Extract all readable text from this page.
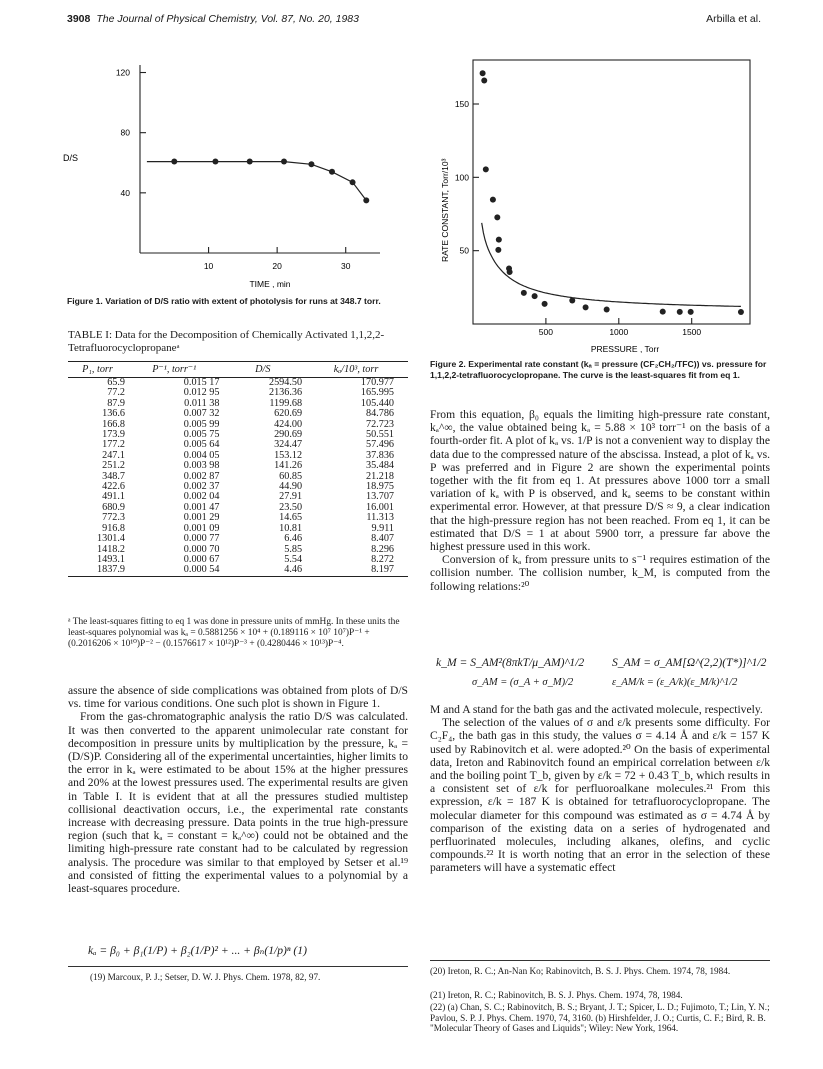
3908 The Journal of Physical Chemistry, Vol. 87, No. 20, 1983	Arbilla et al.
40
80
120
10	20	30
D/S
TIME , min
Figure 1. Variation of D/S ratio with extent of photolysis for runs at 348.7 torr.
50
100
150
500	1000	1500
RATE CONSTANT, Torr/10³
PRESSURE , Torr
Figure 2. Experimental rate constant (kₐ = pressure (CF₂CH₂/TFC)) vs. pressure for 1,1,2,2-tetrafluorocyclopropane. The curve is the least-squares fit from eq 1.
TABLE I: Data for the Decomposition of Chemically Activated 1,1,2,2-Tetrafluorocyclopropaneᵃ
P₁, torr	P⁻¹, torr⁻¹	D/S	kₐ/10³, torr
65.9	0.015 17	2594.50	170.977
77.2	0.012 95	2136.36	165.995
87.9	0.011 38	1199.68	105.440
136.6	0.007 32	620.69	84.786
166.8	0.005 99	424.00	72.723
173.9	0.005 75	290.69	50.551
177.2	0.005 64	324.47	57.496
247.1	0.004 05	153.12	37.836
251.2	0.003 98	141.26	35.484
348.7	0.002 87	60.85	21.218
422.6	0.002 37	44.90	18.975
491.1	0.002 04	27.91	13.707
680.9	0.001 47	23.50	16.001
772.3	0.001 29	14.65	11.313
916.8	0.001 09	10.81	9.911
1301.4	0.000 77	6.46	8.407
1418.2	0.000 70	5.85	8.296
1493.1	0.000 67	5.54	8.272
1837.9	0.000 54	4.46	8.197
ᵃ The least-squares fitting to eq 1 was done in pressure units of mmHg. In these units the least-squares polynomial was kₐ = 0.5881256 × 10⁴ + (0.189116 × 10⁷ 10⁷)P⁻¹ + (0.2016206 × 10¹⁰)P⁻² − (0.1576617 × 10¹²)P⁻³ + (0.4280446 × 10¹³)P⁻⁴.

assure the absence of side complications was obtained from plots of D/S vs. time for various conditions. One such plot is shown in Figure 1.

From the gas-chromatographic analysis the ratio D/S was calculated. It was then converted to the apparent unimolecular rate constant for decomposition in pressure units by multiplication by the pressure, kₐ = (D/S)P. Considering all of the experimental uncertainties, higher limits to the error in kₐ were estimated to be about 15% at the higher pressures and 20% at the lowest pressures used. The experimental results are given in Table I. It is evident that at all the pressures studied multistep collisional deactivation occurs, i.e., the experimental rate constants increase with decreasing pressure. Data points in the true high-pressure region (such that kₐ = constant = kₐ^∞) could not be obtained and the limiting high-pressure rate constant had to be calculated by regression analysis. The procedure was similar to that employed by Setser et al.¹⁹ and consisted of fitting the experimental values to a polynomial by a least-squares procedure.

kₐ = β₀ + β₁(1/P) + β₂(1/P)² + ... + βₙ(1/p)ⁿ (1)
(19) Marcoux, P. J.; Setser, D. W. J. Phys. Chem. 1978, 82, 97.

From this equation, β₀ equals the limiting high-pressure rate constant, kₐ^∞, the value obtained being kₐ = 5.88 × 10³ torr⁻¹ on the basis of a fourth-order fit. A plot of kₐ vs. 1/P is not a convenient way to display the data due to the compressed nature of the abscissa. Instead, a plot of kₐ vs. P was preferred and in Figure 2 are shown the experimental points together with the fit from eq 1. At pressures above 1000 torr a small variation of kₐ with P is observed, and kₐ seems to be constant within experimental error. However, at that pressure D/S ≈ 9, a clear indication that the high-pressure region has not been reached. From eq 1, it can be estimated that D/S = 1 at about 5900 torr, a pressure far above the highest pressure used in this work.

Conversion of kₐ from pressure units to s⁻¹ requires estimation of the collision number. The collision number, k_M, is computed from the following relations:²⁰

k_M = S_AM²(8πkT/μ_AM)^1/2 S_AM = σ_AM[Ω^(2,2)(T*)]^1/2
σ_AM = (σ_A + σ_M)/2	ε_AM/k = (ε_A/k)(ε_M/k)^1/2

M and A stand for the bath gas and the activated molecule, respectively.

The selection of the values of σ and ε/k presents some difficulty. For C₂F₄, the bath gas in this study, the values σ = 4.14 Å and ε/k = 157 K used by Rabinovitch et al. were adopted.²⁰ On the basis of experimental data, Ireton and Rabinovitch found an empirical correlation between ε/k and the boiling point T_b, given by ε/k = 72 + 0.43 T_b, which results in a consistent set of ε/k for perfluoroalkane molecules.²¹ From this expression, ε/k = 187 K is obtained for tetrafluorocyclopropane. The molecular diameter for this compound was estimated as σ = 4.74 Å by comparison of the existing data on a series of hydrogenated and perfluorinated molecules, including alkanes, olefins, and cyclic compounds.²² It is worth noting that an error in the selection of these parameters will have a systematic effect

(20) Ireton, R. C.; An-Nan Ko; Rabinovitch, B. S. J. Phys. Chem. 1974, 78, 1984.
(21) Ireton, R. C.; Rabinovitch, B. S. J. Phys. Chem. 1974, 78, 1984.
(22) (a) Chan, S. C.; Rabinovitch, B. S.; Bryant, J. T.; Spicer, L. D.; Fujimoto, T.; Lin, Y. N.; Pavlou, S. P. J. Phys. Chem. 1970, 74, 3160. (b) Hirshfelder, J. O.; Curtis, C. F.; Bird, R. B. "Molecular Theory of Gases and Liquids"; Wiley: New York, 1964.
